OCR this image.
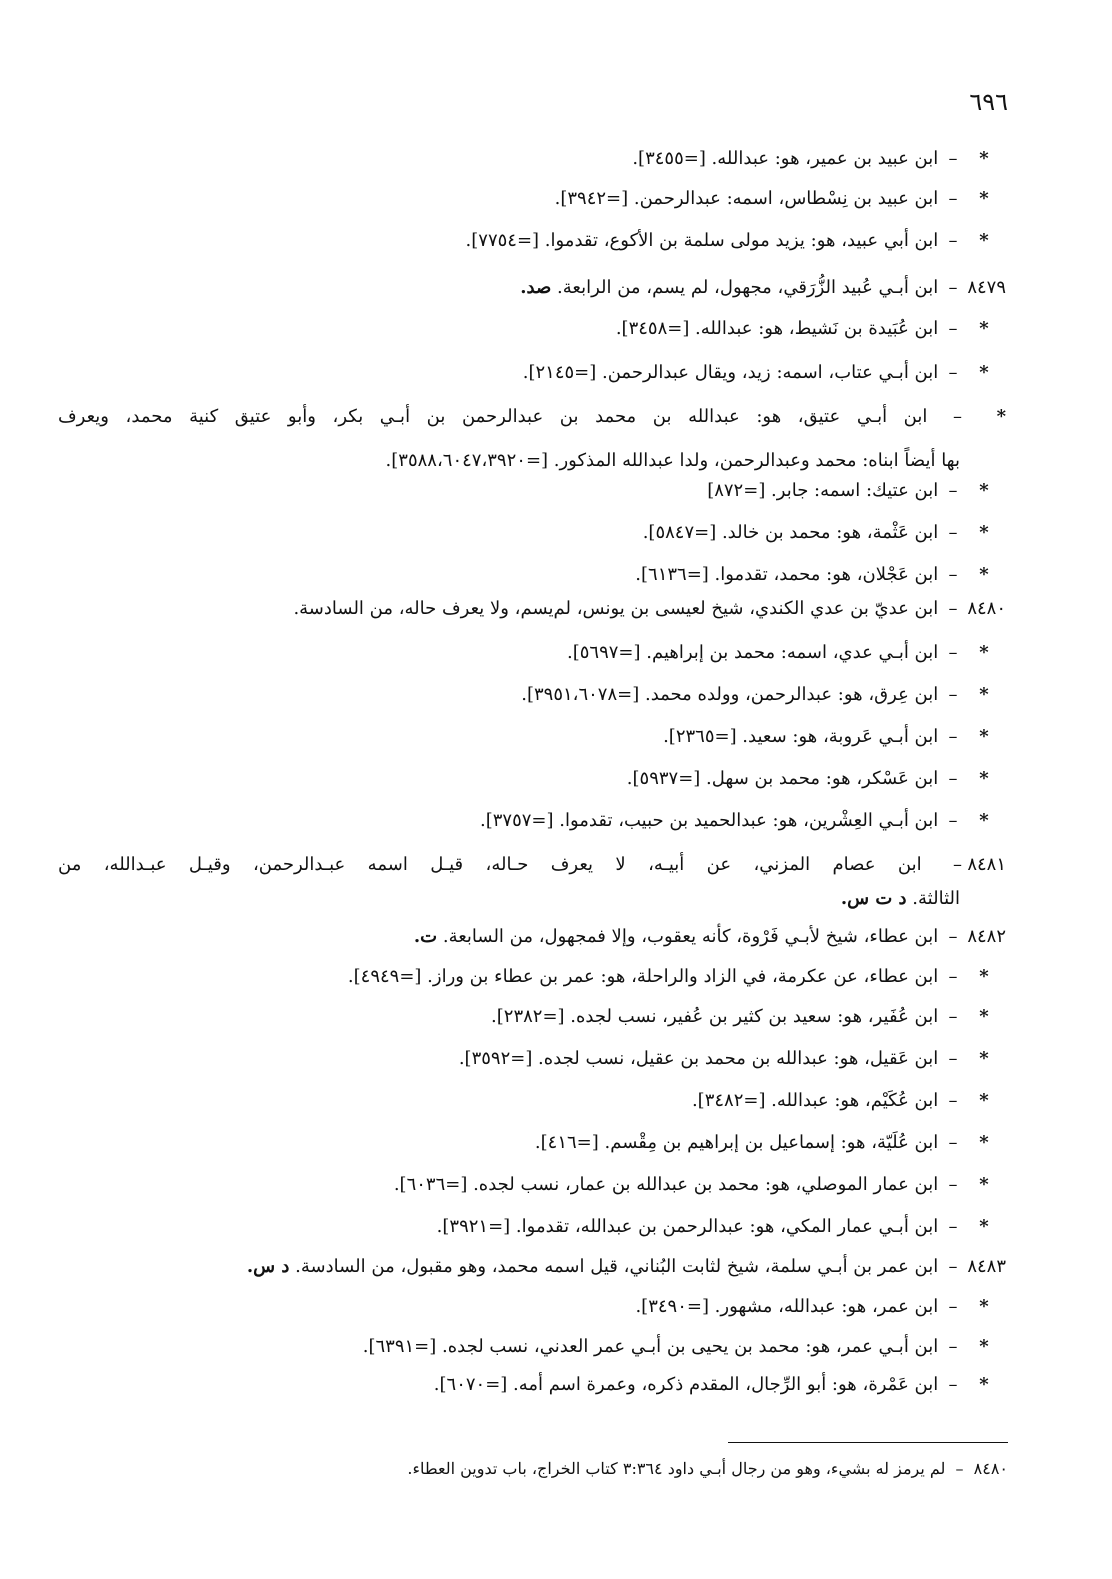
٦٩٦
*– ابن عبيد بن عمير، هو: عبدالله. [=٣٤٥٥].
*– ابن عبيد بن نِسْطاس، اسمه: عبدالرحمن. [=٣٩٤٢].
*– ابن أبي عبيد، هو: يزيد مولى سلمة بن الأكوع، تقدموا. [=٧٧٥٤].
٨٤٧٩– ابن أبـي عُبيد الزُّرَقي، مجهول، لم يسم، من الرابعة. صد.
*– ابن عُبَيدة بن نَشيط، هو: عبدالله. [=٣٤٥٨].
*– ابن أبـي عتاب، اسمه: زيد، ويقال عبدالرحمن. [=٢١٤٥].
*– ابن أبـي عتيق، هو: عبدالله بن محمد بن عبدالرحمن بن أبـي بكر، وأبو عتيق كنية محمد، ويعرف
بها أيضاً ابناه: محمد وعبدالرحمن، ولدا عبدالله المذكور. [=٣٥٨٨،٦٠٤٧،٣٩٢٠].
*– ابن عتيك: اسمه: جابر. [=٨٧٢]
*– ابن عَثْمة، هو: محمد بن خالد. [=٥٨٤٧].
*– ابن عَجْلان، هو: محمد، تقدموا. [=٦١٣٦].
٨٤٨٠– ابن عديّ بن عدي الكندي، شيخ لعيسى بن يونس، لم‌يسم، ولا يعرف حاله، من السادسة.
*– ابن أبـي عدي، اسمه: محمد بن إبراهيم. [=٥٦٩٧].
*– ابن عِرق، هو: عبدالرحمن، وولده محمد. [=٣٩٥١،٦٠٧٨].
*– ابن أبـي عَروبة، هو: سعيد. [=٢٣٦٥].
*– ابن عَسْكر، هو: محمد بن سهل. [=٥٩٣٧].
*– ابن أبـي العِشْرين، هو: عبدالحميد بن حبيب، تقدموا. [=٣٧٥٧].
٨٤٨١– ابن عصام المزني، عن أبيـه، لا يعرف حـاله، قيـل اسمه عبـدالرحمن، وقيـل عبـدالله، من
الثالثة. د ت س.
٨٤٨٢– ابن عطاء، شيخ لأبـي فَرْوة، كأنه يعقوب، وإلا فمجهول، من السابعة. ت.
*– ابن عطاء، عن عكرمة، في الزاد والراحلة، هو: عمر بن عطاء بن وراز. [=٤٩٤٩].
*– ابن عُفَير، هو: سعيد بن كثير بن عُفير، نسب لجده. [=٢٣٨٢].
*– ابن عَقيل، هو: عبدالله بن محمد بن عقيل، نسب لجده. [=٣٥٩٢].
*– ابن عُكَيْم، هو: عبدالله. [=٣٤٨٢].
*– ابن عُلَيّة، هو: إسماعيل بن إبراهيم بن مِقْسم. [=٤١٦].
*– ابن عمار الموصلي، هو: محمد بن عبدالله بن عمار، نسب لجده. [=٦٠٣٦].
*– ابن أبـي عمار المكي، هو: عبدالرحمن بن عبدالله، تقدموا. [=٣٩٢١].
٨٤٨٣– ابن عمر بن أبـي سلمة، شيخ لثابت البُناني، قيل اسمه محمد، وهو مقبول، من السادسة. د س.
*– ابن عمر، هو: عبدالله، مشهور. [=٣٤٩٠].
*– ابن أبـي عمر، هو: محمد بن يحيى بن أبـي عمر العدني، نسب لجده. [=٦٣٩١].
*– ابن عَمْرة، هو: أبو الرِّجال، المقدم ذكره، وعمرة اسم أمه. [=٦٠٧٠].
٨٤٨٠ – لم يرمز له بشيء، وهو من رجال أبـي داود ٣:٣٦٤ كتاب الخراج، باب تدوين العطاء.
